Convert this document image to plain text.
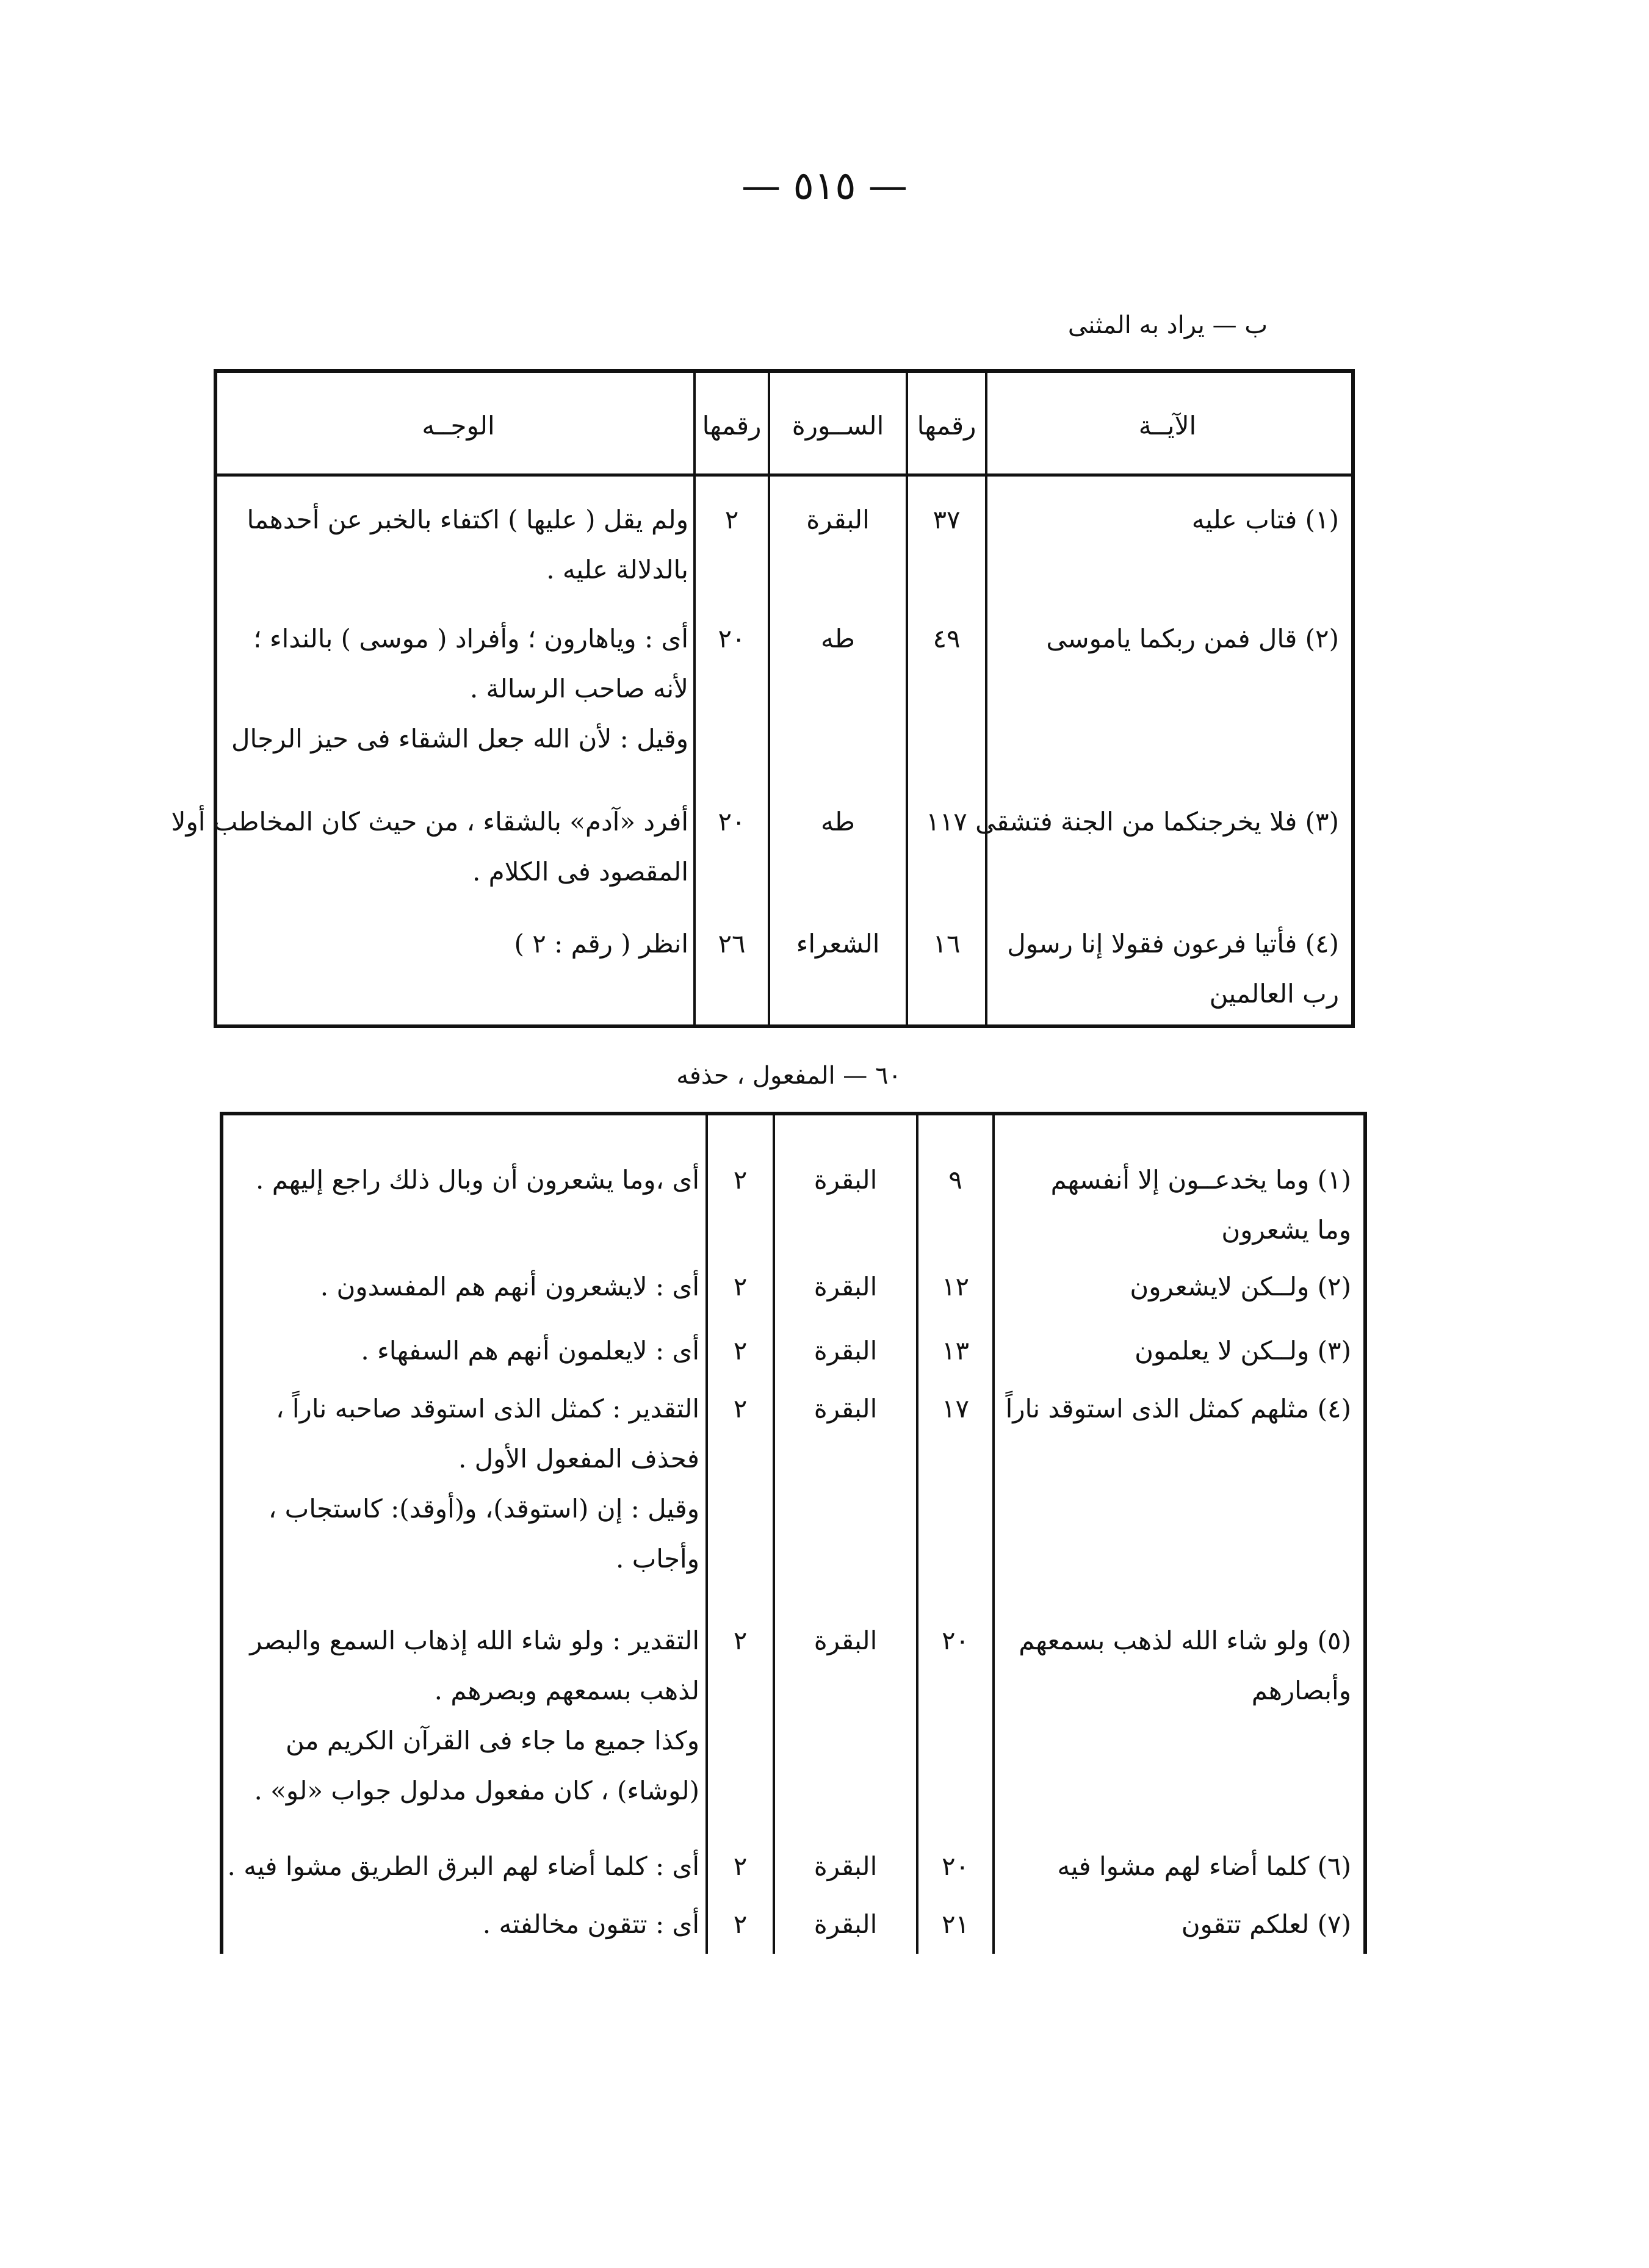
— ٥١٥ —
ب — يراد به المثنى
الآيــة
رقمها
الســورة
رقمها
الوجــه
(١) فتاب عليه
٣٧
البقرة
٢
ولم يقل ( عليها ) اكتفاء بالخبر عن أحدهما
بالدلالة عليه .
(٢) قال فمن ربكما ياموسى
٤٩
طه
٢٠
أى : وياهارون ؛ وأفراد ( موسى ) بالنداء ؛
لأنه صاحب الرسالة .
وقيل : لأن الله جعل الشقاء فى حيز الرجال
(٣) فلا يخرجنكما من الجنة فتشقى
١١٧
طه
٢٠
أفرد «آدم» بالشقاء ، من حيث كان المخاطب أولا
المقصود فى الكلام .
(٤) فأتيا فرعون فقولا إنا رسول
رب العالمين
١٦
الشعراء
٢٦
انظر ( رقم : ٢ )
٦٠ — المفعول ، حذفه
(١) وما يخدعــون إلا أنفسهم
وما يشعرون
٩
البقرة
٢
أى ،وما يشعرون أن وبال ذلك راجع إليهم .
(٢) ولــكن لايشعرون
١٢
البقرة
٢
أى : لايشعرون أنهم هم المفسدون .
(٣) ولــكن لا يعلمون
١٣
البقرة
٢
أى : لايعلمون أنهم هم السفهاء .
(٤) مثلهم كمثل الذى استوقد ناراً
١٧
البقرة
٢
التقدير : كمثل الذى استوقد صاحبه ناراً ،
فحذف المفعول الأول .
وقيل : إن (استوقد)، و(أوقد): كاستجاب ،
وأجاب .
(٥) ولو شاء الله لذهب بسمعهم
وأبصارهم
٢٠
البقرة
٢
التقدير : ولو شاء الله إذهاب السمع والبصر
لذهب بسمعهم وبصرهم .
وكذا جميع ما جاء فى القرآن الكريم من
(لوشاء) ، كان مفعول مدلول جواب «لو» .
(٦) كلما أضاء لهم مشوا فيه
٢٠
البقرة
٢
أى : كلما أضاء لهم البرق الطريق مشوا فيه .
(٧) لعلكم تتقون
٢١
البقرة
٢
أى : تتقون مخالفته .
